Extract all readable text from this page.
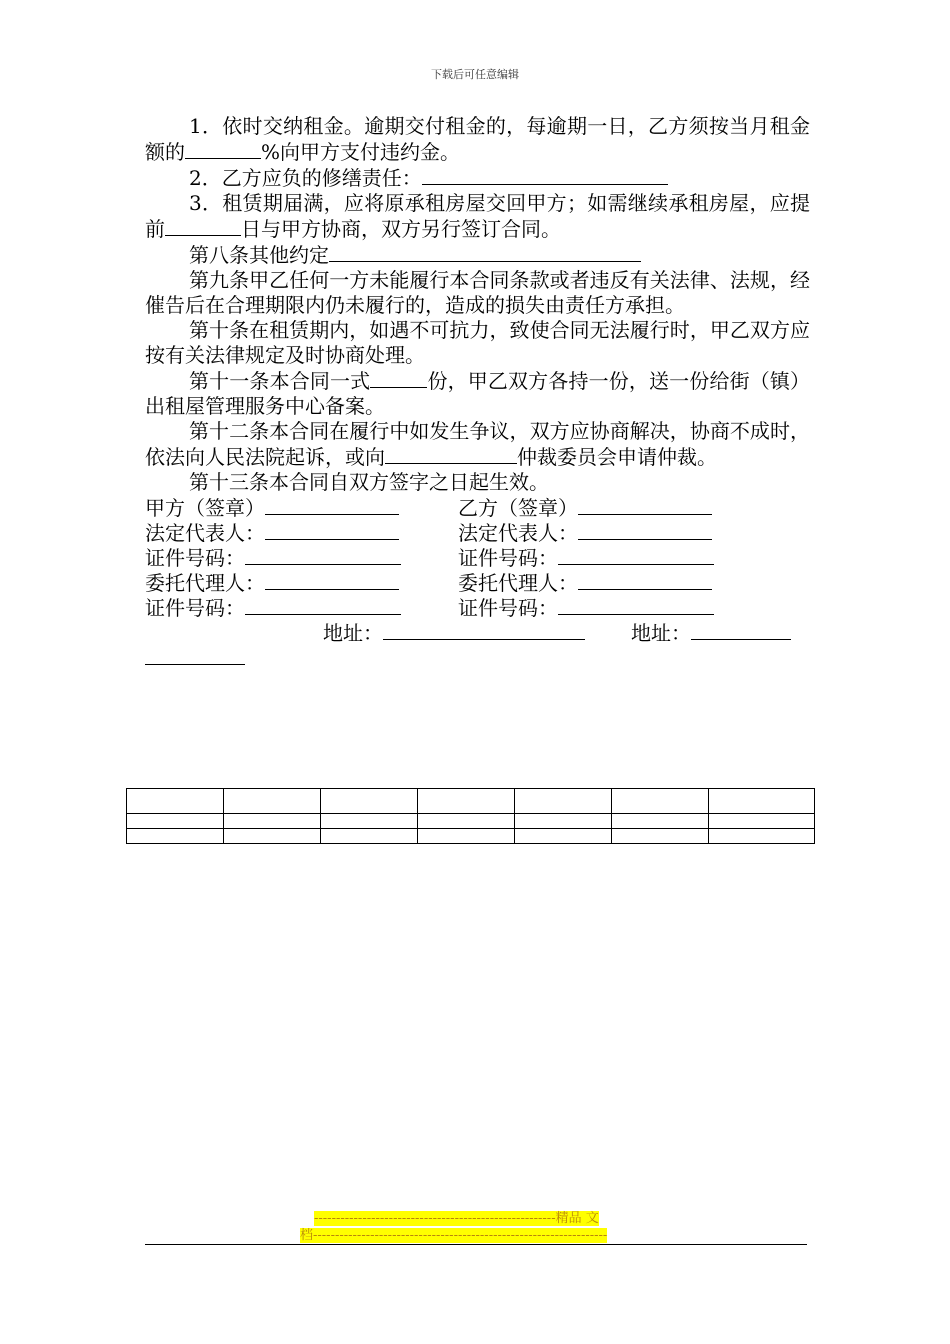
下载后可任意编辑

1．依时交纳租金。逾期交付租金的，每逾期一日，乙方须按当月租金额的	%向甲方支付违约金。

2．乙方应负的修缮责任：

3．租赁期届满，应将原承租房屋交回甲方；如需继续承租房屋，应提前	日与甲方协商，双方另行签订合同。

第八条其他约定

第九条甲乙任何一方未能履行本合同条款或者违反有关法律、法规，经催告后在合理期限内仍未履行的，造成的损失由责任方承担。

第十条在租赁期内，如遇不可抗力，致使合同无法履行时，甲乙双方应按有关法律规定及时协商处理。

第十一条本合同一式	份，甲乙双方各持一份，送一份给街（镇）出租屋管理服务中心备案。

第十二条本合同在履行中如发生争议，双方应协商解决，协商不成时，依法向人民法院起诉，或向	仲裁委员会申请仲裁。

第十三条本合同自双方签字之日起生效。

甲方（签章）	乙方（签章）
法定代表人：	法定代表人：
证件号码：	证件号码：
委托代理人：	委托代理人：
证件号码：	证件号码：
地址：	地址：

-------------------------------------------------------精品 文
档-------------------------------------------------------------------
